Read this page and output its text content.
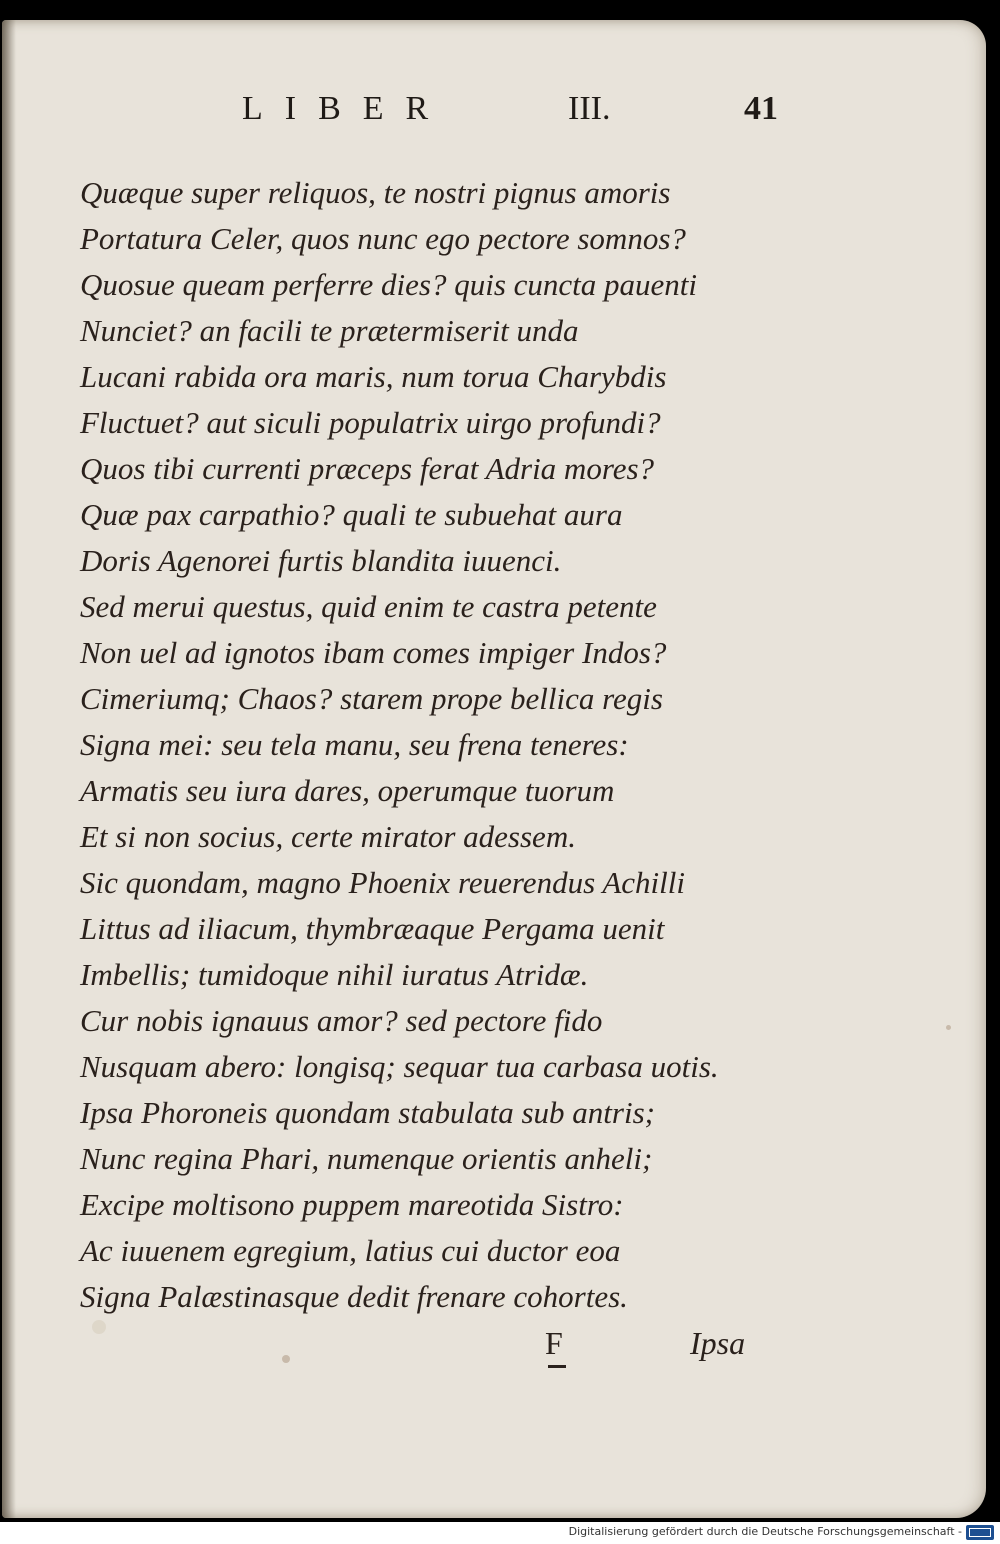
LIBER	III.	41
Quæque super reliquos, te nostri pignus amoris
Portatura Celer, quos nunc ego pectore somnos?
Quosue queam perferre dies? quis cuncta pauenti
Nunciet? an facili te prætermiserit unda
Lucani rabida ora maris, num torua Charybdis
Fluctuet? aut siculi populatrix uirgo profundi?
Quos tibi currenti præceps ferat Adria mores?
Quæ pax carpathio? quali te subuehat aura
Doris Agenorei furtis blandita iuuenci.
Sed merui questus, quid enim te castra petente
Non uel ad ignotos ibam comes impiger Indos?
Cimeriumq; Chaos? starem prope bellica regis
Signa mei: seu tela manu, seu frena teneres:
Armatis seu iura dares, operumque tuorum
Et si non socius, certe mirator adessem.
Sic quondam, magno Phoenix reuerendus Achilli
Littus ad iliacum, thymbræaque Pergama uenit
Imbellis; tumidoque nihil iuratus Atridæ.
Cur nobis ignauus amor? sed pectore fido
Nusquam abero: longisq; sequar tua carbasa uotis.
Ipsa Phoroneis quondam stabulata sub antris;
Nunc regina Phari, numenque orientis anheli;
Excipe moltisono puppem mareotida Sistro:
Ac iuuenem egregium, latius cui ductor eoa
Signa Palæstinasque dedit frenare cohortes.
F	Ipsa
Digitalisierung gefördert durch die Deutsche Forschungsgemeinschaft -
